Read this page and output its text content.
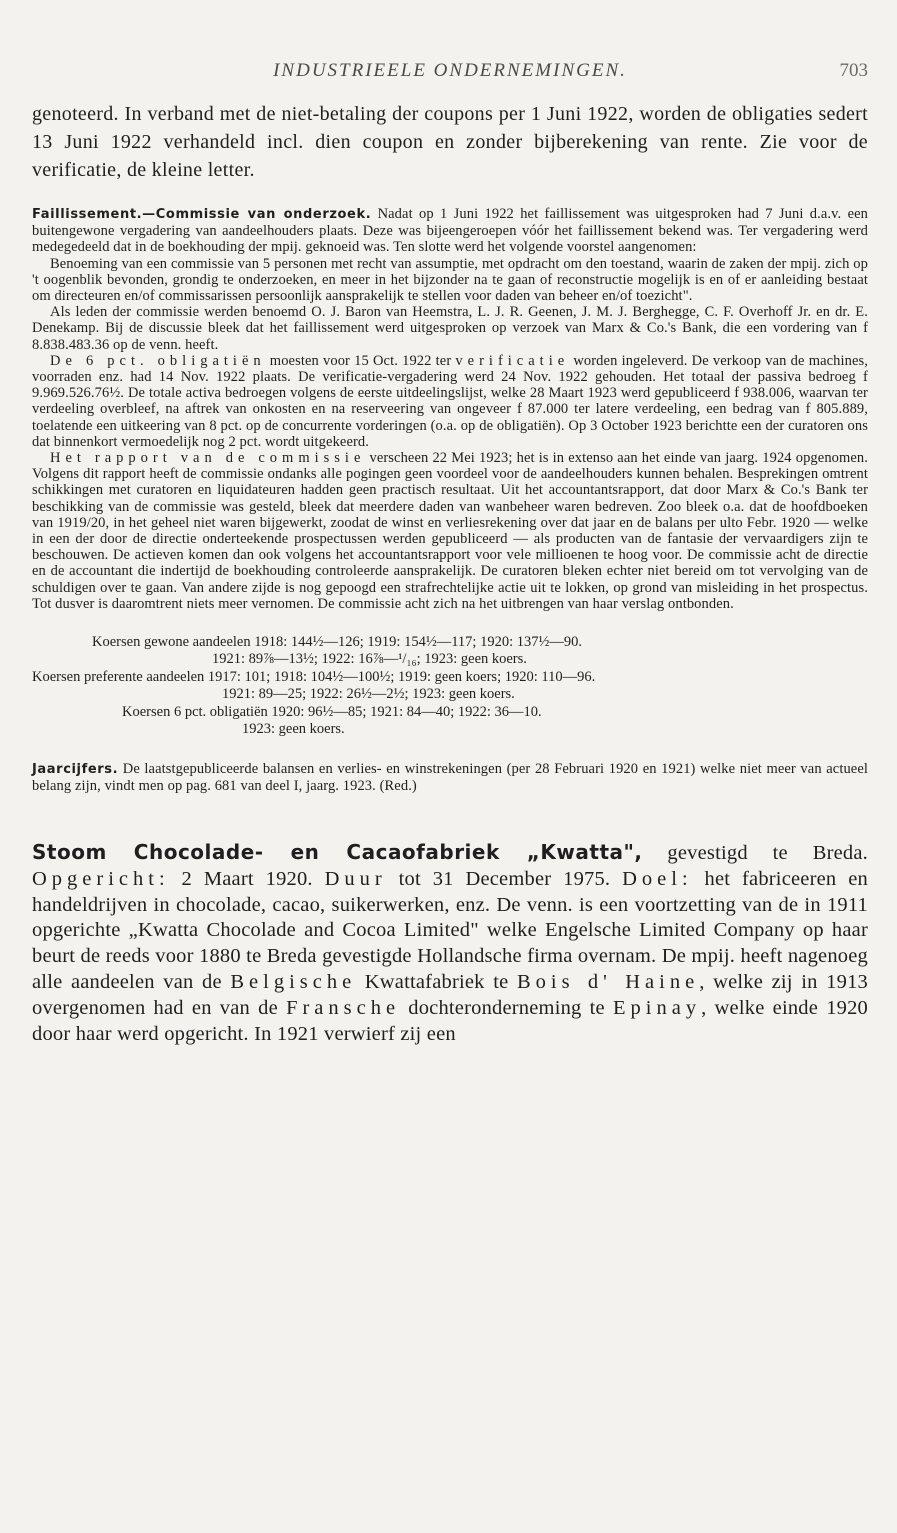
INDUSTRIEELE ONDERNEMINGEN.	703

genoteerd. In verband met de niet-betaling der coupons per 1 Juni 1922, worden de obligaties sedert 13 Juni 1922 verhandeld incl. dien coupon en zonder bijberekening van rente. Zie voor de verificatie, de kleine letter.

Faillissement.—Commissie van onderzoek. Nadat op 1 Juni 1922 het faillissement was uitgesproken had 7 Juni d.a.v. een buitengewone vergadering van aandeelhouders plaats. Deze was bijeengeroepen vóór het faillissement bekend was. Ter vergadering werd medegedeeld dat in de boekhouding der mpij. geknoeid was. Ten slotte werd het volgende voorstel aangenomen:

Benoeming van een commissie van 5 personen met recht van assumptie, met opdracht om den toestand, waarin de zaken der mpij. zich op 't oogenblik bevonden, grondig te onderzoeken, en meer in het bijzonder na te gaan of reconstructie mogelijk is en of er aanleiding bestaat om directeuren en/of commissarissen persoonlijk aansprakelijk te stellen voor daden van beheer en/of toezicht".

Als leden der commissie werden benoemd O. J. Baron van Heemstra, L. J. R. Geenen, J. M. J. Berghegge, C. F. Overhoff Jr. en dr. E. Denekamp. Bij de discussie bleek dat het faillissement werd uitgesproken op verzoek van Marx & Co.'s Bank, die een vordering van f 8.838.483.36 op de venn. heeft.

De 6 pct. obligatiën moesten voor 15 Oct. 1922 ter verificatie worden ingeleverd. De verkoop van de machines, voorraden enz. had 14 Nov. 1922 plaats. De verificatie-vergadering werd 24 Nov. 1922 gehouden. Het totaal der passiva bedroeg f 9.969.526.76½. De totale activa bedroegen volgens de eerste uitdeelingslijst, welke 28 Maart 1923 werd gepubliceerd f 938.006, waarvan ter verdeeling overbleef, na aftrek van onkosten en na reserveering van ongeveer f 87.000 ter latere verdeeling, een bedrag van f 805.889, toelatende een uitkeering van 8 pct. op de concurrente vorderingen (o.a. op de obligatiën). Op 3 October 1923 berichtte een der curatoren ons dat binnenkort vermoedelijk nog 2 pct. wordt uitgekeerd.

Het rapport van de commissie verscheen 22 Mei 1923; het is in extenso aan het einde van jaarg. 1924 opgenomen. Volgens dit rapport heeft de commissie ondanks alle pogingen geen voordeel voor de aandeelhouders kunnen behalen. Besprekingen omtrent schikkingen met curatoren en liquidateuren hadden geen practisch resultaat. Uit het accountantsrapport, dat door Marx & Co.'s Bank ter beschikking van de commissie was gesteld, bleek dat meerdere daden van wanbeheer waren bedreven. Zoo bleek o.a. dat de hoofdboeken van 1919/20, in het geheel niet waren bijgewerkt, zoodat de winst en verliesrekening over dat jaar en de balans per ulto Febr. 1920 — welke in een der door de directie onderteekende prospectussen werden gepubliceerd — als producten van de fantasie der vervaardigers zijn te beschouwen. De actieven komen dan ook volgens het accountantsrapport voor vele millioenen te hoog voor. De commissie acht de directie en de accountant die indertijd de boekhouding controleerde aansprakelijk. De curatoren bleken echter niet bereid om tot vervolging van de schuldigen over te gaan. Van andere zijde is nog gepoogd een strafrechtelijke actie uit te lokken, op grond van misleiding in het prospectus. Tot dusver is daaromtrent niets meer vernomen. De commissie acht zich na het uitbrengen van haar verslag ontbonden.

Koersen gewone aandeelen 1918: 144½—126; 1919: 154½—117; 1920: 137½—90.
1921: 89⅞—13½; 1922: 16⅞—¹/₁₆; 1923: geen koers.
Koersen preferente aandeelen 1917: 101; 1918: 104½—100½; 1919: geen koers; 1920: 110—96.
1921: 89—25; 1922: 26½—2½; 1923: geen koers.
Koersen 6 pct. obligatiën 1920: 96½—85; 1921: 84—40; 1922: 36—10.
1923: geen koers.

Jaarcijfers. De laatstgepubliceerde balansen en verlies- en winstrekeningen (per 28 Februari 1920 en 1921) welke niet meer van actueel belang zijn, vindt men op pag. 681 van deel I, jaarg. 1923. (Red.)

Stoom Chocolade- en Cacaofabriek „Kwatta", gevestigd te Breda. Opgericht: 2 Maart 1920. Duur tot 31 December 1975. Doel: het fabriceeren en handeldrijven in chocolade, cacao, suikerwerken, enz. De venn. is een voortzetting van de in 1911 opgerichte „Kwatta Chocolade and Cocoa Limited" welke Engelsche Limited Company op haar beurt de reeds voor 1880 te Breda gevestigde Hollandsche firma overnam. De mpij. heeft nagenoeg alle aandeelen van de Belgische Kwattafabriek te Bois d' Haine, welke zij in 1913 overgenomen had en van de Fransche dochteronderneming te Epinay, welke einde 1920 door haar werd opgericht. In 1921 verwierf zij een
